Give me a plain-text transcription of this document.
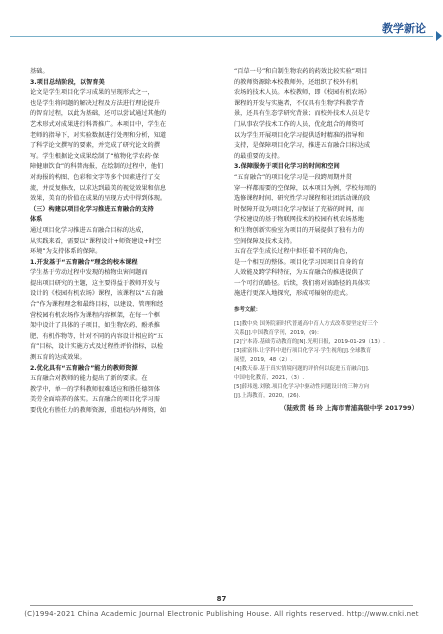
教学新论

基础。

3.项目总结阶段，以智育美

论文是学生项目化学习成果的呈现形式之一，
也是学生将问题的解决过程及方法进行理论提升
的智育过程，以此为基础，还可以尝试通过其他的
艺术形式对成果进行科普推广。本项目中，学生在
老师的指导下，对实验数据进行处理和分析，知道
了科学论文撰写的要素，并完成了研究论文的撰
写。学生根据论文成果绘制了“植物化学农药·保
障健康饮食”的科普海报，在绘制的过程中，他们
对海报的构图、色彩和文字等多个因素进行了交
流，并反复修改，以求达到最美的视觉效果和信息
效果，美育的价值在成果的呈现方式中得到体现。

（三）构建以项目化学习推进五育融合的支持
体系

通过项目化学习推进五育融合目标的达成，
从实践来看，需要以“课程设计+师资建设+时空
环境”为支持体系的保障。

1.开发基于“五育融合”理念的校本课程

学生基于劳动过程中发现的植物虫害问题而
提出项目研究的主题，这主要得益于教师开发与
设计的《校园有机农场》课程，该课程以“五育融
合”作为课程理念和最终目标，以建设、管理和经
营校园有机农场作为课程内容框架，在每一个框
架中设计了具体的子项目，如生物农药、酚杀推
肥、有机作物等，针对不同的内容设计相应的“五
育”目标，设计实施方式及过程性评价指标，以检
测五育的达成效果。

2.优化具有“五育融合”能力的教师资源

五育融合对教师的能力提出了新的要求。在
教学中，单一的学科教师很难适应和胜任德智体
美劳全面培养的落实。五育融合的项目化学习需
要优化有胜任力的教师资源，重组校内外师资，如

“百草一号”和自制生物农药的药效比较实验”项目
的教师资源除本校教师外，还组织了校外有机
农场的技术人员。本校教师，即《校园有机农场》
课程的开发与实施者，不仅具有生物学科教学背
景，还具有生态学研究背景；而校外技术人员是专
门从事农学技术工作的人员，优化组合的师资可
以为学生开展项目化学习提供适时精准的指导和
支持，是保障项目化学习，推进五育融合目标达成
的最重要的支持。

3.保障服务于项目化学习的时间和空间

“五育融合”的项目化学习是一段跨周期并贯
穿一样都需要的空保障，以本项目为例，学校每周的
选修课程时间、研究性学习课程和社团活动课的段
时保障开设为项目化学习保证了充裕的时间，而
学校建设的基于物联网技术的校园有机农场基地
和生物创新实验室为项目的开展提供了独有力的
空间保障及技术支持。

五育在学生成长过程中担任着不同的角色，
是一个相互的整体。项目化学习因项目自身的育
人效能及跨学科特征，为五育融合的推进提供了
一个可行的路径。后续，我们将对该路径的具体实
施进行更深入地探究，形成可辐射的范式。

参考文献：

[1]教中央 国务院新时代普通高中育人方式改革要坚定好三个
关系[J].中国教育学刊，2019，(9)：

[2]宁本涛.基础劳动教育的[N].光明日报，2019-01-29（13）.

[3]霍富伟.让学科中进行项目化学习·学生视角[J].全球教育
展望，2019，48（2）.

[4]教天泰.基于真实情境问题的评价何以促进五育融合[J].
中国电化教育，2021，（3）.

[5]薛玮逸.刘敏.项目化学习中驱动性问题设计的三种方向
[J].上海教育，2020，(26).

（陆致贯 杨 玲 上海市青浦高级中学 201799）

87
(C)1994-2021 China Academic Journal Electronic Publishing House. All rights reserved. http://www.cnki.net
